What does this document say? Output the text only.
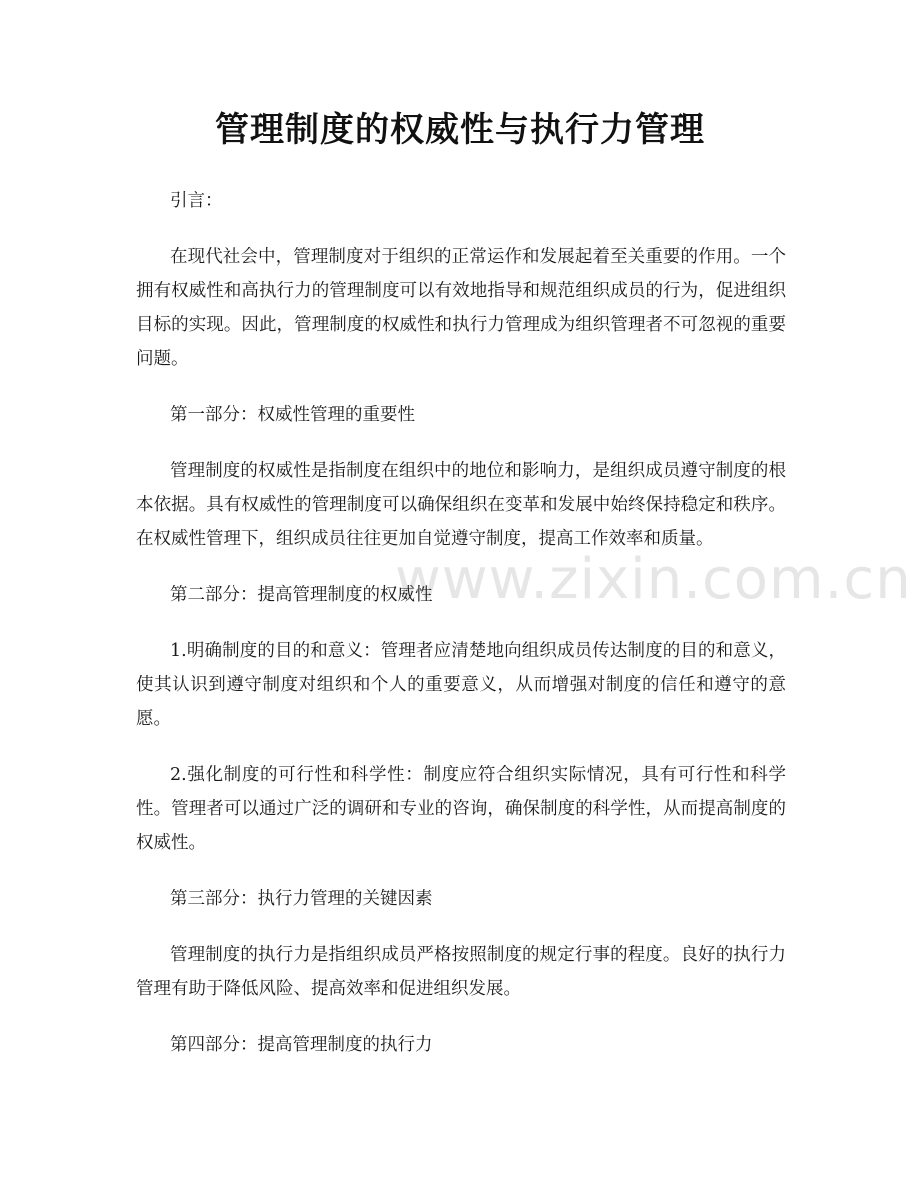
管理制度的权威性与执行力管理
www.zixin.com.cn

引言：

在现代社会中，管理制度对于组织的正常运作和发展起着至关重要的作用。一个拥有权威性和高执行力的管理制度可以有效地指导和规范组织成员的行为，促进组织目标的实现。因此，管理制度的权威性和执行力管理成为组织管理者不可忽视的重要问题。

第一部分：权威性管理的重要性

管理制度的权威性是指制度在组织中的地位和影响力，是组织成员遵守制度的根本依据。具有权威性的管理制度可以确保组织在变革和发展中始终保持稳定和秩序。在权威性管理下，组织成员往往更加自觉遵守制度，提高工作效率和质量。

第二部分：提高管理制度的权威性

1.明确制度的目的和意义：管理者应清楚地向组织成员传达制度的目的和意义，使其认识到遵守制度对组织和个人的重要意义，从而增强对制度的信任和遵守的意愿。

2.强化制度的可行性和科学性：制度应符合组织实际情况，具有可行性和科学性。管理者可以通过广泛的调研和专业的咨询，确保制度的科学性，从而提高制度的权威性。

第三部分：执行力管理的关键因素

管理制度的执行力是指组织成员严格按照制度的规定行事的程度。良好的执行力管理有助于降低风险、提高效率和促进组织发展。

第四部分：提高管理制度的执行力
